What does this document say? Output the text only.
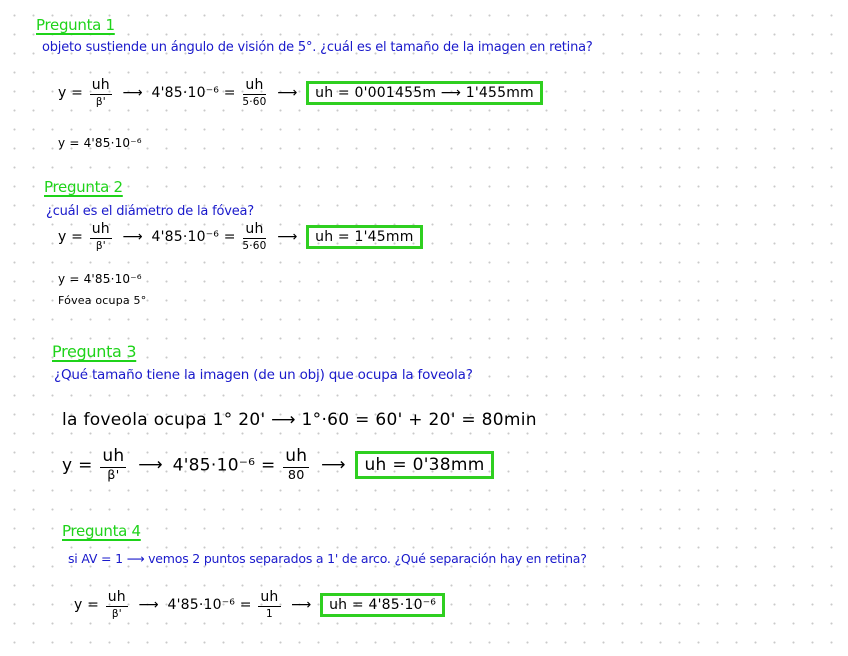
Pregunta 1
objeto sustiende un ángulo de visión de 5°. ¿cuál es el tamaño de la imagen en retina?
$y = \frac{uh}{\beta'}$ ⟶ $4'85\cdot 10^{-6} = \frac{uh}{5\cdot 60}$ ⟶ uh = 0'001455m ⟶ 1'455mm
y = 4'85·10⁻⁶
Pregunta 2
¿cuál es el diámetro de la fóvea?
$y = \frac{uh}{\beta'}$ ⟶ $4'85\cdot 10^{-6} = \frac{uh}{5\cdot 60}$ ⟶ uh = 1'45mm
y = 4'85·10⁻⁶
Fóvea ocupa 5°
Pregunta 3
¿Qué tamaño tiene la imagen (de un obj) que ocupa la foveola?
la foveola ocupa 1° 20' ⟶ 1°·60 = 60' + 20' = 80min
$y = \frac{uh}{\beta'}$ ⟶ $4'85\cdot 10^{-6} = \frac{uh}{80}$ ⟶ uh = 0'38mm
Pregunta 4
si AV = 1 ⟶ vemos 2 puntos separados a 1' de arco. ¿Qué separación hay en retina?
$y = \frac{uh}{\beta'}$ ⟶ $4'85\cdot 10^{-6} = \frac{uh}{1}$ ⟶ uh = 4'85·10⁻⁶
